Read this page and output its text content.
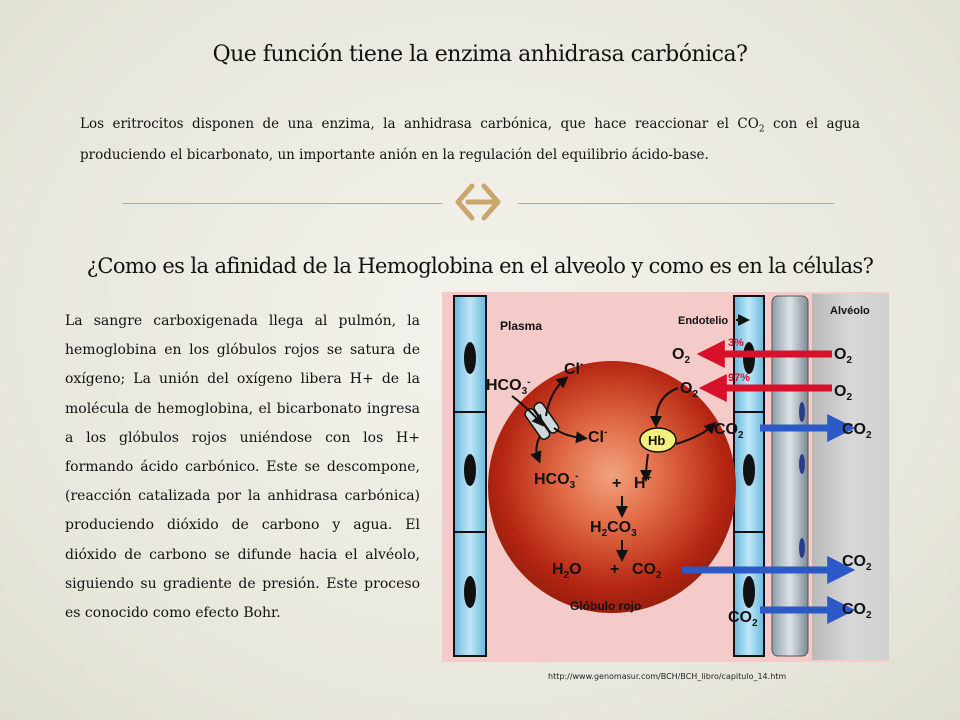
Que función tiene la enzima anhidrasa carbónica?
Los eritrocitos disponen de una enzima, la anhidrasa carbónica, que hace reaccionar el $CO_2$ con el agua produciendo el bicarbonato, un importante anión en la regulación del equilibrio ácido-base.
¿Como es la afinidad de la Hemoglobina en el alveolo y como es en la células?
La sangre carboxigenada llega al pulmón, la hemoglobina en los glóbulos rojos se satura de oxígeno; La unión del oxígeno libera H+ de la molécula de hemoglobina, el bicarbonato ingresa a los glóbulos rojos uniéndose con los H+ formando ácido carbónico. Este se descompone, (reacción catalizada por la anhidrasa carbónica) produciendo dióxido de carbono y agua. El dióxido de carbono se difunde hacia el alvéolo, siguiendo su gradiente de presión. Este proceso es conocido como efecto Bohr.
Plasma	Endotelio
Alvéolo
Glóbulo rojo
3%
$O_2$
$O_2$
97%
$O_2$
$O_2$
$CO_2$	$CO_2$
$CO_2$
$CO_2$
$CO_2$
Cl-
$HCO_3^-$
Cl-
$HCO_3^-$
Hb
+ H+
$H_2CO_3$
$H_2O + CO_2$
http://www.genomasur.com/BCH/BCH_libro/capitulo_14.htm
